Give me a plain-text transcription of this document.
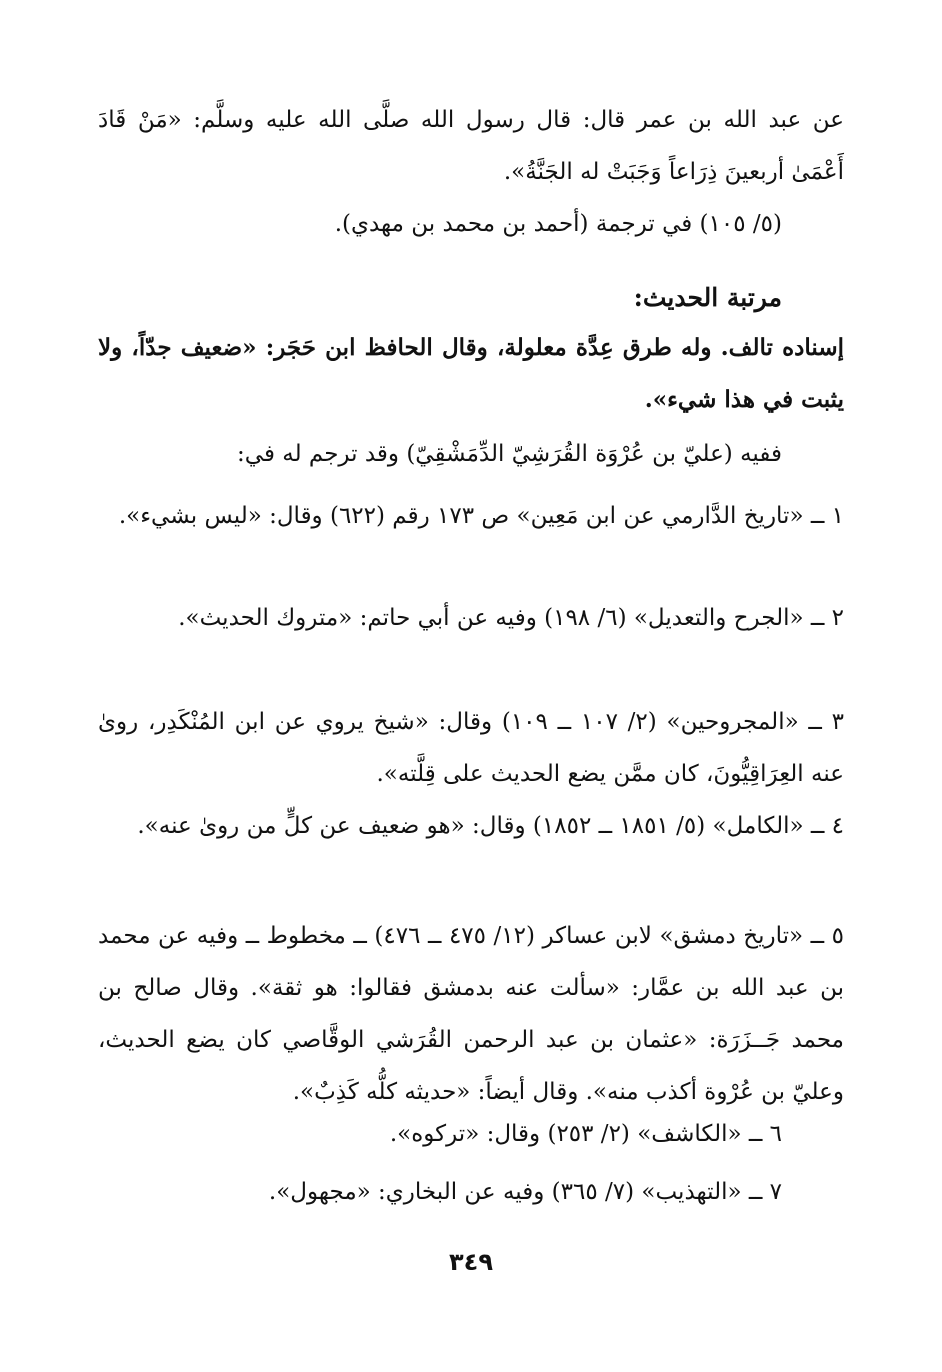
عن عبد الله بن عمر قال: قال رسول الله صلَّى الله عليه وسلَّم: «مَنْ قَادَ أَعْمَىٰ أربعينَ ذِرَاعاً وَجَبَتْ له الجَنَّةُ».

(٥/ ١٠٥) في ترجمة (أحمد بن محمد بن مهدي).

مرتبة الحديث:

إسناده تالف. وله طرق عِدَّة معلولة، وقال الحافظ ابن حَجَر: «ضعيف جدّاً، ولا يثبت في هذا شيء».

ففيه (عليّ بن عُرْوَة القُرَشِيّ الدِّمَشْقِيّ) وقد ترجم له في:

١ ــ «تاريخ الدَّارمي عن ابن مَعِين» ص ١٧٣ رقم (٦٢٢) وقال: «ليس بشيء».

٢ ــ «الجرح والتعديل» (٦/ ١٩٨) وفيه عن أبي حاتم: «متروك الحديث».

٣ ــ «المجروحين» (٢/ ١٠٧ ــ ١٠٩) وقال: «شيخ يروي عن ابن المُنْكَدِر، روىٰ عنه العِرَاقِيُّونَ، كان ممَّن يضع الحديث على قِلَّته».

٤ ــ «الكامل» (٥/ ١٨٥١ ــ ١٨٥٢) وقال: «هو ضعيف عن كلٍّ من روىٰ عنه».

٥ ــ «تاريخ دمشق» لابن عساكر (١٢/ ٤٧٥ ــ ٤٧٦) ــ مخطوط ــ وفيه عن محمد بن عبد الله بن عمَّار: «سألت عنه بدمشق فقالوا: هو ثقة». وقال صالح بن محمد جَــزَرَة: «عثمان بن عبد الرحمن القُرَشي الوقَّاصي كان يضع الحديث، وعليّ بن عُرْوة أكذب منه». وقال أيضاً: «حديثه كلُّه كَذِبٌ».

٦ ــ «الكاشف» (٢/ ٢٥٣) وقال: «تركوه».

٧ ــ «التهذيب» (٧/ ٣٦٥) وفيه عن البخاري: «مجهول».

٣٤٩
